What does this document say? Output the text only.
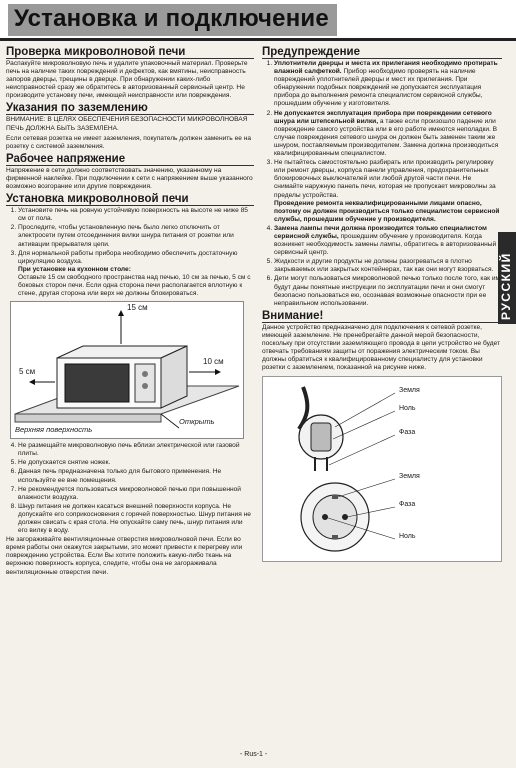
Установка и подключение
РУССКИЙ
Проверка микроволновой печи

Распакуйте микроволновую печь и удалите упаковочный материал. Проверьте печь на наличие таких повреждений и дефектов, как вмятины, неисправность запоров дверцы, трещины в дверце. При обнаружении каких-либо неисправностей сразу же обратитесь в авторизованный сервисный центр. Не производите установку печи, имеющей неисправности или повреждения.

Указания по заземлению

ВНИМАНИЕ: В ЦЕЛЯХ ОБЕСПЕЧЕНИЯ БЕЗОПАСНОСТИ МИКРОВОЛНОВАЯ ПЕЧЬ ДОЛЖНА БЫТЬ ЗАЗЕМЛЕНА.

Если сетевая розетка не имеет заземления, покупатель должен заменить ее на розетку с системой заземления.

Рабочее напряжение

Напряжение в сети должно соответствовать значению, указанному на фирменной наклейке. При подключении к сети с напряжением выше указанного возможно возгорание или другие повреждения.

Установка микроволновой печи
1. Установите печь на ровную устойчивую поверхность на высоте не ниже 85 см от пола.
2. Проследите, чтобы установленную печь было легко отключить от электросети путем отсоединения вилки шнура питания от розетки или активации прерывателя цепи.
3. Для нормальной работы прибора необходимо обеспечить достаточную циркуляцию воздуха.
При установке на кухонном столе:
Оставьте 15 см свободного пространства над печью, 10 см за печью, 5 см с боковых сторон печи. Если одна сторона печи располагается вплотную к стене, другая сторона или верх не должны блокироваться.
15 см
5 см
10 см
Открыть
Верхняя поверхность
4. Не размещайте микроволновую печь вблизи электрической или газовой плиты.
5. Не допускается снятие ножек.
6. Данная печь предназначена только для бытового применения. Не используйте ее вне помещения.
7. Не рекомендуется пользоваться микроволновой печью при повышенной влажности воздуха.
8. Шнур питания не должен касаться внешней поверхности корпуса. Не допускайте его соприкосновения с горячей поверхностью. Шнур питания не должен свисать с края стола. Не опускайте саму печь, шнур питания или его вилку в воду.

Не загораживайте вентиляционные отверстия микроволновой печи. Если во время работы они окажутся закрытыми, это может привести к перегреву или повреждению устройства. Если Вы хотите положить какую-либо ткань на верхнюю поверхность корпуса, следите, чтобы она не загораживала вентиляционные отверстия печи.

Предупреждение
1. Уплотнители дверцы и места их прилегания необходимо протирать влажной салфеткой. Прибор необходимо проверять на наличие повреждений уплотнителей дверцы и мест их прилегания. При обнаружении подобных повреждений не допускается эксплуатация прибора до выполнения ремонта специалистом сервисной службы, прошедшим обучение у изготовителя.
2. Не допускается эксплуатация прибора при повреждении сетевого шнура или штепсельной вилки, а также если произошло падение или повреждение самого устройства или в его работе имеются неполадки. В случае повреждения сетевого шнура он должен быть заменен таким же шнуром, поставляемым производителем. Замена должна производиться квалифицированным специалистом.
3. Не пытайтесь самостоятельно разбирать или производить регулировку или ремонт дверцы, корпуса панели управления, предохранительных блокировочных выключателей или любой другой части печи. Не снимайте наружную панель печи, которая не пропускает микроволны за пределы устройства.
Проведение ремонта неквалифицированными лицами опасно, поэтому он должен производиться только специалистом сервисной службы, прошедшим обучение у производителя.
4. Замена лампы печи должна производится только специалистом сервисной службы, прошедшим обучение у производителя. Когда возникнет необходимость замены лампы, обратитесь в авторизованный сервисный центр.
5. Жидкости и другие продукты не должны разогреваться в плотно закрываемых или закрытых контейнерах, так как они могут взорваться.
6. Дети могут пользоваться микроволновой печью только после того, как им будут даны понятные инструкции по эксплуатации печи и они смогут безопасно пользоваться ею, осознавая возможные опасности при ее неправильном использовании.
Внимание!

Данное устройство предназначено для подключения к сетевой розетке, имеющей заземление. Не пренебрегайте данной мерой безопасности, поскольку при отсутствии заземляющего провода в цепи устройство не будет отвечать требованиям защиты от поражения электрическим током. Вы должны обратиться к квалифицированному специалисту для установки розетки с заземлением, показанной на рисунке ниже.

Земля
Ноль
Фаза
Земля
Фаза
Ноль
- Rus-1 -
